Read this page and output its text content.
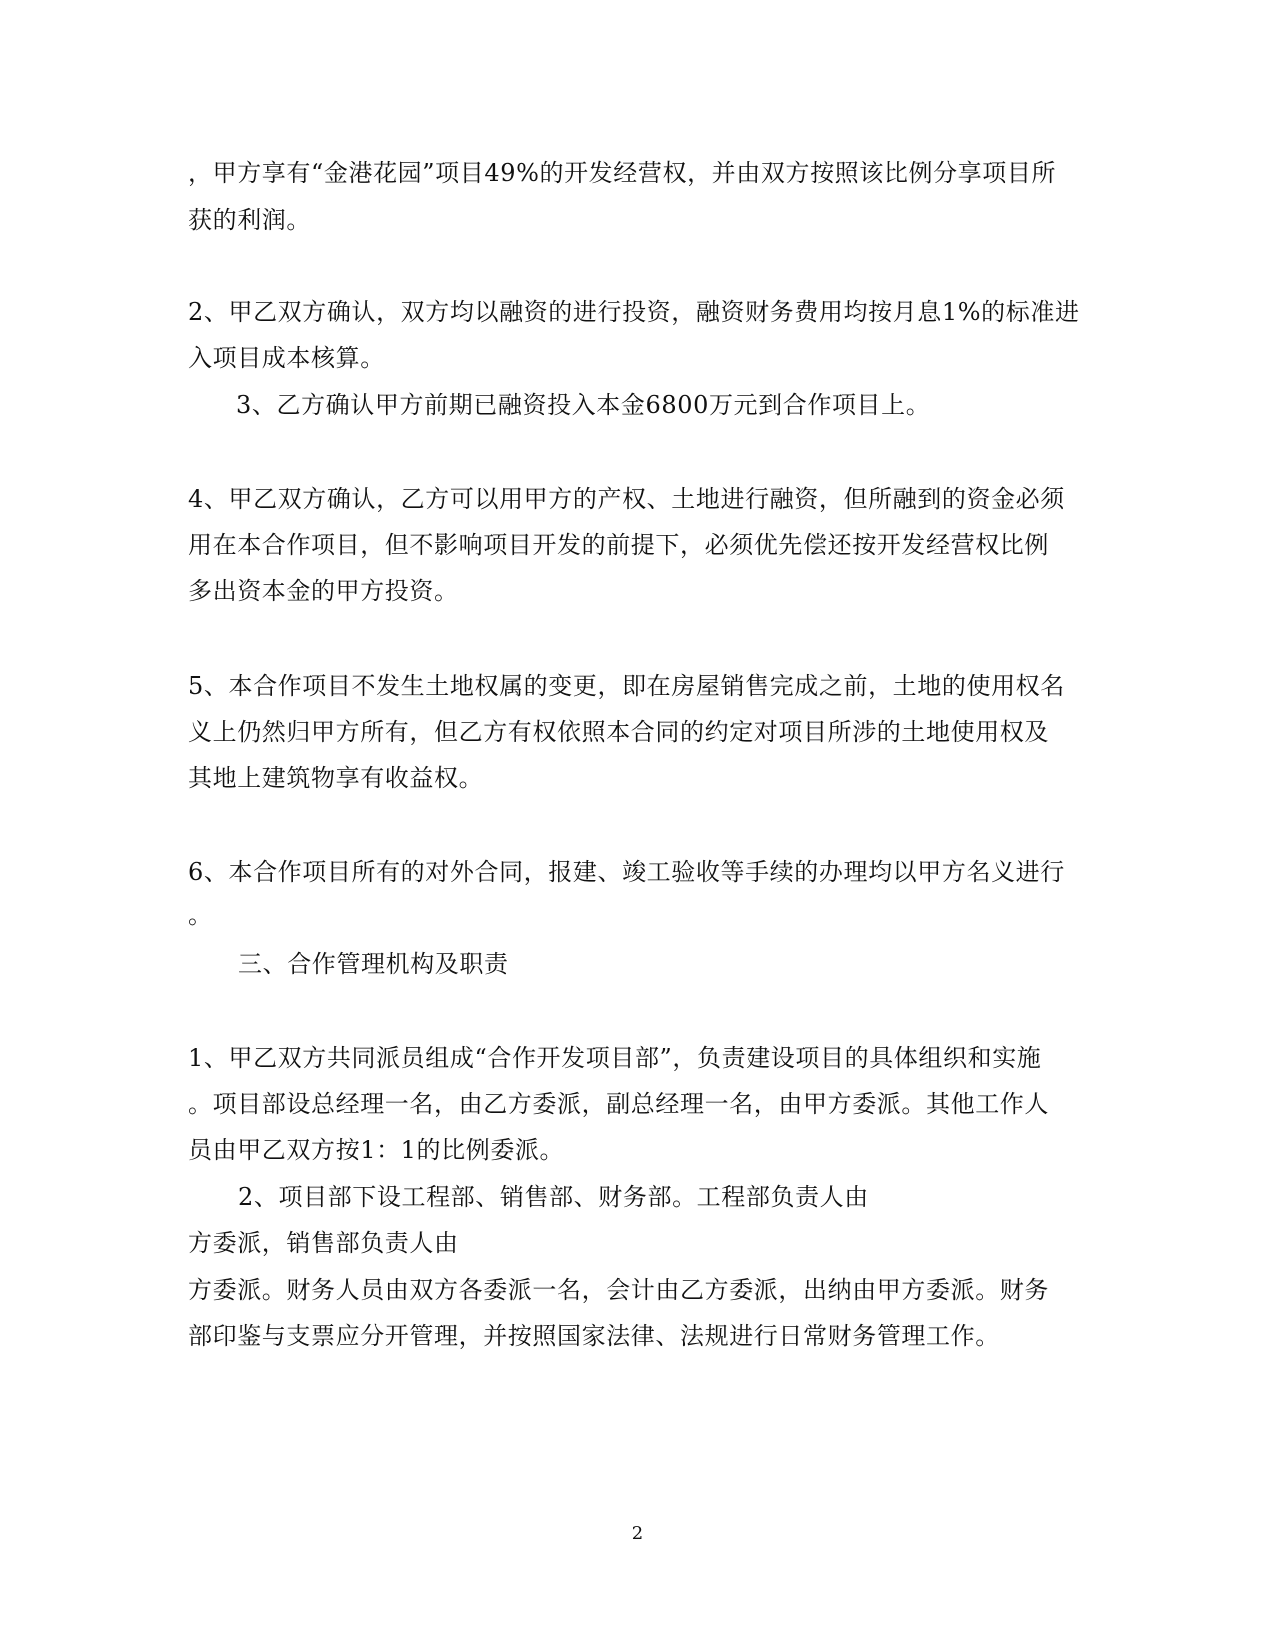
，甲方享有“金港花园”项目49%的开发经营权，并由双方按照该比例分享项目所
获的利润。
2、甲乙双方确认，双方均以融资的进行投资，融资财务费用均按月息1%的标准进
入项目成本核算。
3、乙方确认甲方前期已融资投入本金6800万元到合作项目上。
4、甲乙双方确认，乙方可以用甲方的产权、土地进行融资，但所融到的资金必须
用在本合作项目，但不影响项目开发的前提下，必须优先偿还按开发经营权比例
多出资本金的甲方投资。
5、本合作项目不发生土地权属的变更，即在房屋销售完成之前，土地的使用权名
义上仍然归甲方所有，但乙方有权依照本合同的约定对项目所涉的土地使用权及
其地上建筑物享有收益权。
6、本合作项目所有的对外合同，报建、竣工验收等手续的办理均以甲方名义进行
。
三、合作管理机构及职责
1、甲乙双方共同派员组成“合作开发项目部”，负责建设项目的具体组织和实施
。项目部设总经理一名，由乙方委派，副总经理一名，由甲方委派。其他工作人
员由甲乙双方按1：1的比例委派。
2、项目部下设工程部、销售部、财务部。工程部负责人由
方委派，销售部负责人由
方委派。财务人员由双方各委派一名，会计由乙方委派，出纳由甲方委派。财务
部印鉴与支票应分开管理，并按照国家法律、法规进行日常财务管理工作。
2
